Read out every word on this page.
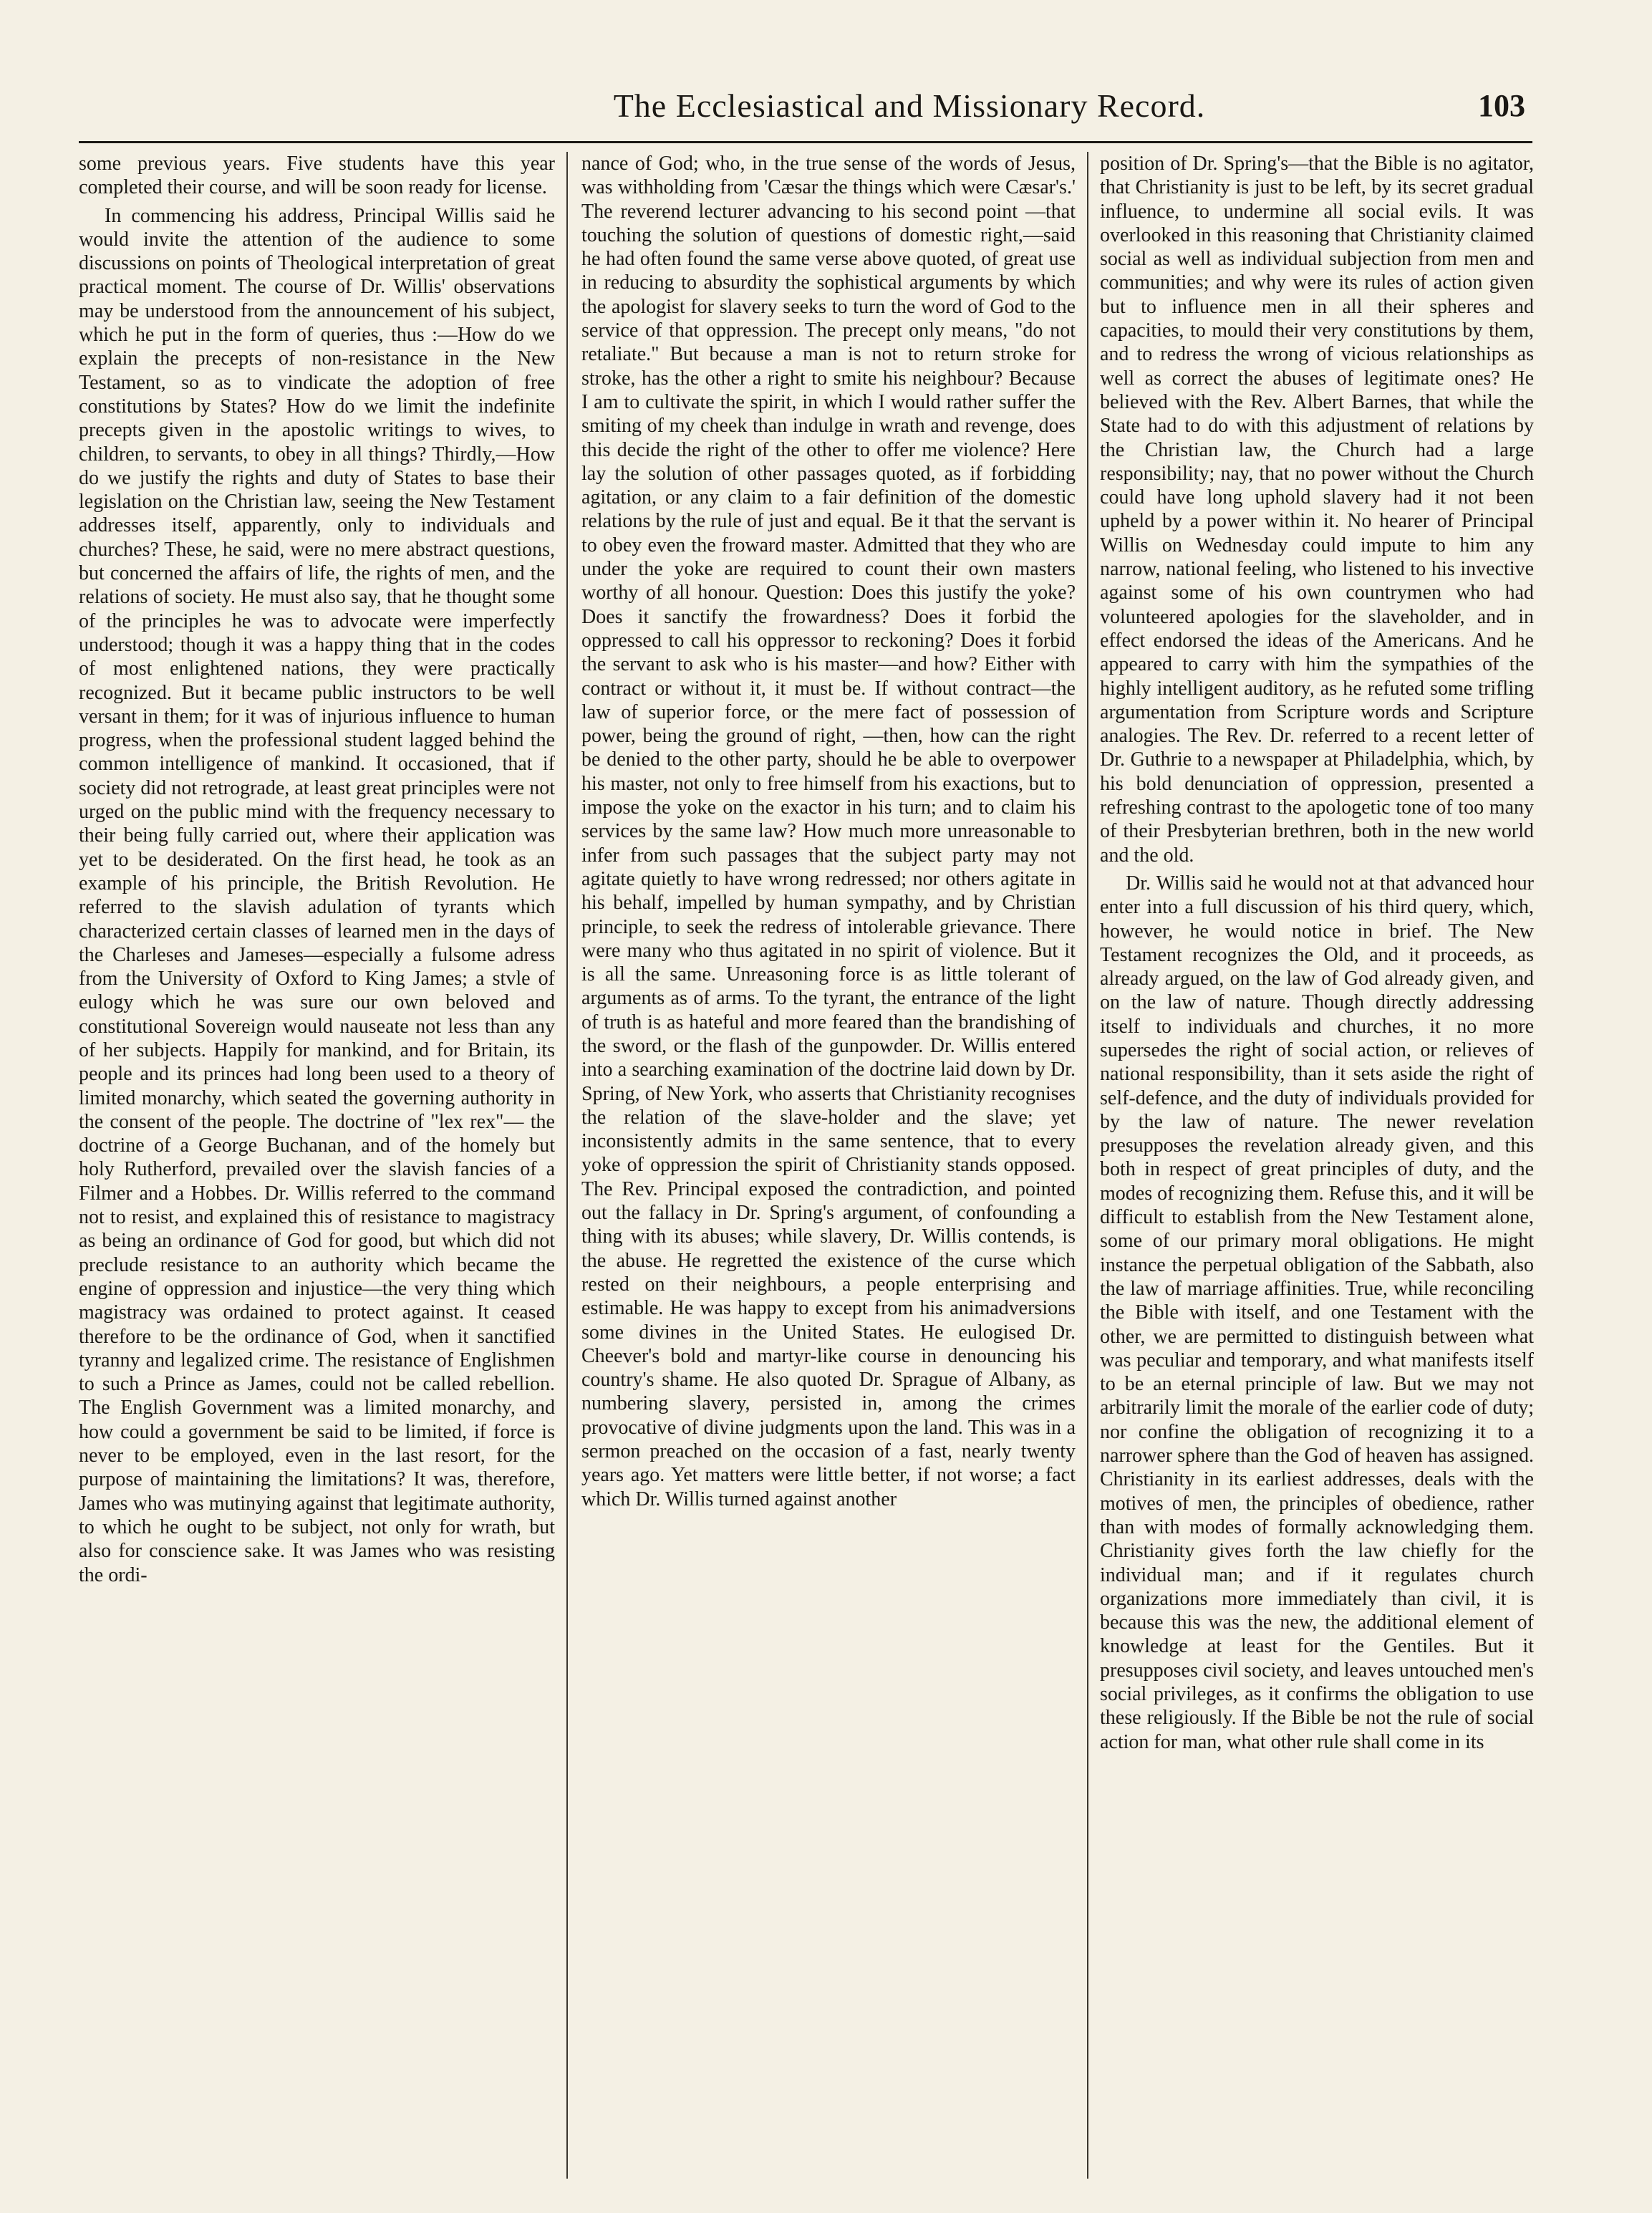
The Ecclesiastical and Missionary Record.	103

some previous years. Five students have this year completed their course, and will be soon ready for license.

In commencing his address, Principal Willis said he would invite the attention of the audience to some discussions on points of Theological interpretation of great practical moment. The course of Dr. Willis' observations may be understood from the announcement of his subject, which he put in the form of queries, thus :—How do we explain the precepts of non-resistance in the New Testament, so as to vindicate the adoption of free constitutions by States? How do we limit the indefinite precepts given in the apostolic writings to wives, to children, to servants, to obey in all things? Thirdly,—How do we justify the rights and duty of States to base their legislation on the Christian law, seeing the New Testament addresses itself, apparently, only to individuals and churches? These, he said, were no mere abstract questions, but concerned the affairs of life, the rights of men, and the relations of society. He must also say, that he thought some of the principles he was to advocate were imperfectly understood; though it was a happy thing that in the codes of most enlightened nations, they were practically recognized. But it became public instructors to be well versant in them; for it was of injurious influence to human progress, when the professional student lagged behind the common intelligence of mankind. It occasioned, that if society did not retrograde, at least great principles were not urged on the public mind with the frequency necessary to their being fully carried out, where their application was yet to be desiderated. On the first head, he took as an example of his principle, the British Revolution. He referred to the slavish adulation of tyrants which characterized certain classes of learned men in the days of the Charleses and Jameses—especially a fulsome adress from the University of Oxford to King James; a stvle of eulogy which he was sure our own beloved and constitutional Sovereign would nauseate not less than any of her subjects. Happily for mankind, and for Britain, its people and its princes had long been used to a theory of limited monarchy, which seated the governing authority in the consent of the people. The doctrine of "lex rex"— the doctrine of a George Buchanan, and of the homely but holy Rutherford, prevailed over the slavish fancies of a Filmer and a Hobbes. Dr. Willis referred to the command not to resist, and explained this of resistance to magistracy as being an ordinance of God for good, but which did not preclude resistance to an authority which became the engine of oppression and injustice—the very thing which magistracy was ordained to protect against. It ceased therefore to be the ordinance of God, when it sanctified tyranny and legalized crime. The resistance of Englishmen to such a Prince as James, could not be called rebellion. The English Government was a limited monarchy, and how could a government be said to be limited, if force is never to be employed, even in the last resort, for the purpose of maintaining the limitations? It was, therefore, James who was mutinying against that legitimate authority, to which he ought to be subject, not only for wrath, but also for conscience sake. It was James who was resisting the ordi-

nance of God; who, in the true sense of the words of Jesus, was withholding from 'Cæsar the things which were Cæsar's.' The reverend lecturer advancing to his second point —that touching the solution of questions of domestic right,—said he had often found the same verse above quoted, of great use in reducing to absurdity the sophistical arguments by which the apologist for slavery seeks to turn the word of God to the service of that oppression. The precept only means, "do not retaliate." But because a man is not to return stroke for stroke, has the other a right to smite his neighbour? Because I am to cultivate the spirit, in which I would rather suffer the smiting of my cheek than indulge in wrath and revenge, does this decide the right of the other to offer me violence? Here lay the solution of other passages quoted, as if forbidding agitation, or any claim to a fair definition of the domestic relations by the rule of just and equal. Be it that the servant is to obey even the froward master. Admitted that they who are under the yoke are required to count their own masters worthy of all honour. Question: Does this justify the yoke? Does it sanctify the frowardness? Does it forbid the oppressed to call his oppressor to reckoning? Does it forbid the servant to ask who is his master—and how? Either with contract or without it, it must be. If without contract—the law of superior force, or the mere fact of possession of power, being the ground of right, —then, how can the right be denied to the other party, should he be able to overpower his master, not only to free himself from his exactions, but to impose the yoke on the exactor in his turn; and to claim his services by the same law? How much more unreasonable to infer from such passages that the subject party may not agitate quietly to have wrong redressed; nor others agitate in his behalf, impelled by human sympathy, and by Christian principle, to seek the redress of intolerable grievance. There were many who thus agitated in no spirit of violence. But it is all the same. Unreasoning force is as little tolerant of arguments as of arms. To the tyrant, the entrance of the light of truth is as hateful and more feared than the brandishing of the sword, or the flash of the gunpowder. Dr. Willis entered into a searching examination of the doctrine laid down by Dr. Spring, of New York, who asserts that Christianity recognises the relation of the slave-holder and the slave; yet inconsistently admits in the same sentence, that to every yoke of oppression the spirit of Christianity stands opposed. The Rev. Principal exposed the contradiction, and pointed out the fallacy in Dr. Spring's argument, of confounding a thing with its abuses; while slavery, Dr. Willis contends, is the abuse. He regretted the existence of the curse which rested on their neighbours, a people enterprising and estimable. He was happy to except from his animadversions some divines in the United States. He eulogised Dr. Cheever's bold and martyr-like course in denouncing his country's shame. He also quoted Dr. Sprague of Albany, as numbering slavery, persisted in, among the crimes provocative of divine judgments upon the land. This was in a sermon preached on the occasion of a fast, nearly twenty years ago. Yet matters were little better, if not worse; a fact which Dr. Willis turned against another

position of Dr. Spring's—that the Bible is no agitator, that Christianity is just to be left, by its secret gradual influence, to undermine all social evils. It was overlooked in this reasoning that Christianity claimed social as well as individual subjection from men and communities; and why were its rules of action given but to influence men in all their spheres and capacities, to mould their very constitutions by them, and to redress the wrong of vicious relationships as well as correct the abuses of legitimate ones? He believed with the Rev. Albert Barnes, that while the State had to do with this adjustment of relations by the Christian law, the Church had a large responsibility; nay, that no power without the Church could have long uphold slavery had it not been upheld by a power within it. No hearer of Principal Willis on Wednesday could impute to him any narrow, national feeling, who listened to his invective against some of his own countrymen who had volunteered apologies for the slaveholder, and in effect endorsed the ideas of the Americans. And he appeared to carry with him the sympathies of the highly intelligent auditory, as he refuted some trifling argumentation from Scripture words and Scripture analogies. The Rev. Dr. referred to a recent letter of Dr. Guthrie to a newspaper at Philadelphia, which, by his bold denunciation of oppression, presented a refreshing contrast to the apologetic tone of too many of their Presbyterian brethren, both in the new world and the old.

Dr. Willis said he would not at that advanced hour enter into a full discussion of his third query, which, however, he would notice in brief. The New Testament recognizes the Old, and it proceeds, as already argued, on the law of God already given, and on the law of nature. Though directly addressing itself to individuals and churches, it no more supersedes the right of social action, or relieves of national responsibility, than it sets aside the right of self-defence, and the duty of individuals provided for by the law of nature. The newer revelation presupposes the revelation already given, and this both in respect of great principles of duty, and the modes of recognizing them. Refuse this, and it will be difficult to establish from the New Testament alone, some of our primary moral obligations. He might instance the perpetual obligation of the Sabbath, also the law of marriage affinities. True, while reconciling the Bible with itself, and one Testament with the other, we are permitted to distinguish between what was peculiar and temporary, and what manifests itself to be an eternal principle of law. But we may not arbitrarily limit the morale of the earlier code of duty; nor confine the obligation of recognizing it to a narrower sphere than the God of heaven has assigned. Christianity in its earliest addresses, deals with the motives of men, the principles of obedience, rather than with modes of formally acknowledging them. Christianity gives forth the law chiefly for the individual man; and if it regulates church organizations more immediately than civil, it is because this was the new, the additional element of knowledge at least for the Gentiles. But it presupposes civil society, and leaves untouched men's social privileges, as it confirms the obligation to use these religiously. If the Bible be not the rule of social action for man, what other rule shall come in its
